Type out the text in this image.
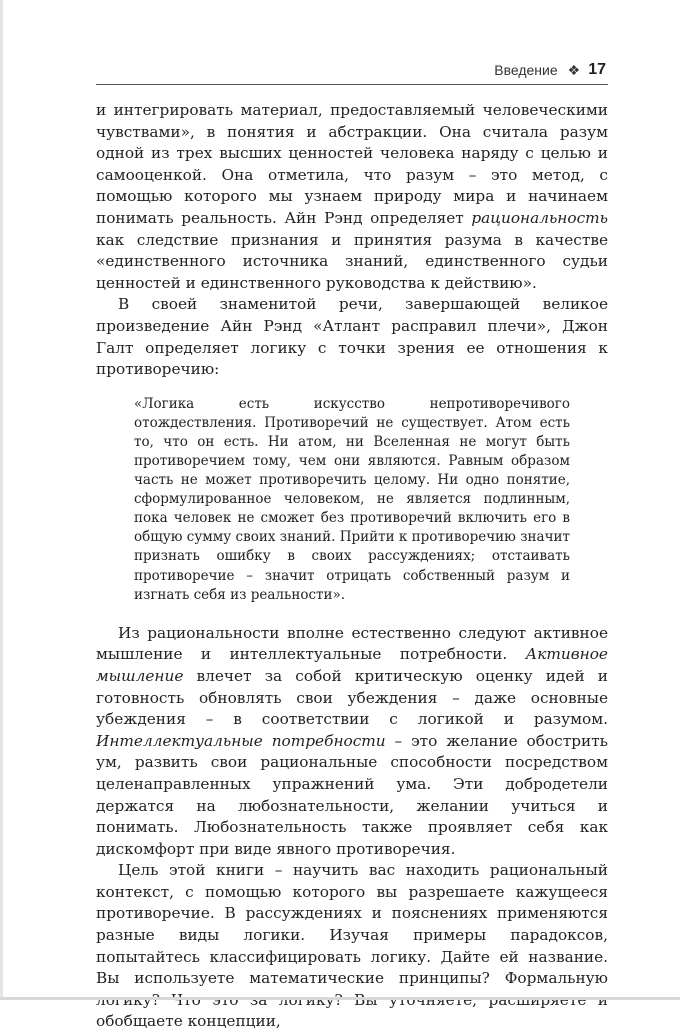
Введение ❖ 17

и интегрировать материал, предоставляемый человеческими чувствами», в понятия и абстракции. Она считала разум одной из трех высших ценностей человека наряду с целью и самооценкой. Она отметила, что разум – это метод, с помощью которого мы узнаем природу мира и начинаем понимать реальность. Айн Рэнд определяет рациональность как следствие признания и принятия разума в качестве «единственного источника знаний, единственного судьи ценностей и единственного руководства к действию».

В своей знаменитой речи, завершающей великое произведение Айн Рэнд «Атлант расправил плечи», Джон Галт определяет логику с точки зрения ее отношения к противоречию:

«Логика есть искусство непротиворечивого отождествления. Противоречий не существует. Атом есть то, что он есть. Ни атом, ни Вселенная не могут быть противоречием тому, чем они являются. Равным образом часть не может противоречить целому. Ни одно понятие, сформулированное человеком, не является подлинным, пока человек не сможет без противоречий включить его в общую сумму своих знаний. Прийти к противоречию значит признать ошибку в своих рассуждениях; отстаивать противоречие – значит отрицать собственный разум и изгнать себя из реальности».

Из рациональности вполне естественно следуют активное мышление и интеллектуальные потребности. Активное мышление влечет за собой критическую оценку идей и готовность обновлять свои убеждения – даже основные убеждения – в соответствии с логикой и разумом. Интеллектуальные потребности – это желание обострить ум, развить свои рациональные способности посредством целенаправленных упражнений ума. Эти добродетели держатся на любознательности, желании учиться и понимать. Любознательность также проявляет себя как дискомфорт при виде явного противоречия.

Цель этой книги – научить вас находить рациональный контекст, с помощью которого вы разрешаете кажущееся противоречие. В рассуждениях и пояснениях применяются разные виды логики. Изучая примеры парадоксов, попытайтесь классифицировать логику. Дайте ей название. Вы используете математические принципы? Формальную обобщаете концепции,
